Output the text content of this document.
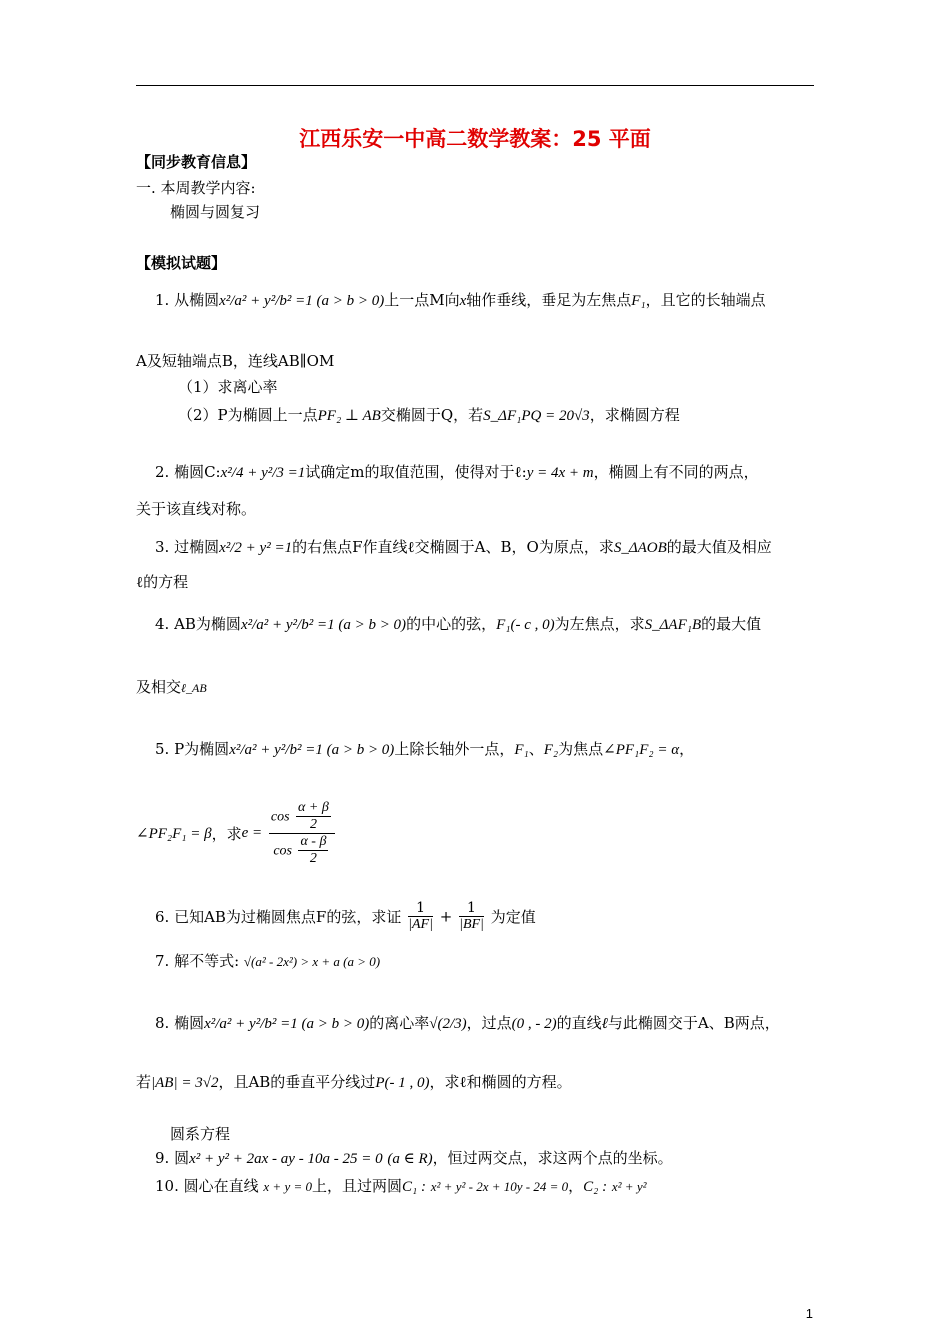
江西乐安一中高二数学教案：25 平面
【同步教育信息】
一. 本周教学内容:
椭圆与圆复习
【模拟试题】
1. 从椭圆x²/a² + y²/b² =1 (a > b > 0)上一点M向x轴作垂线，垂足为左焦点F₁，且它的长轴端点
A及短轴端点B，连线AB∥OM
（1）求离心率
（2）P为椭圆上一点PF₂ ⊥ AB交椭圆于Q，若S_ΔF₁PQ = 20√3，求椭圆方程
2. 椭圆C:x²/4 + y²/3 =1试确定m的取值范围，使得对于ℓ:y = 4x + m，椭圆上有不同的两点，
关于该直线对称。
3. 过椭圆x²/2 + y² =1的右焦点F作直线ℓ交椭圆于A、B，O为原点，求S_ΔAOB的最大值及相应
ℓ的方程
4. AB为椭圆x²/a² + y²/b² =1 (a > b > 0)的中心的弦，F₁(- c , 0)为左焦点，求S_ΔAF₁B的最大值
及相交ℓ_AB
5. P为椭圆x²/a² + y²/b² =1 (a > b > 0)上除长轴外一点，F₁、F₂为焦点∠PF₁F₂ = α，
∠PF₂F₁ = β，求$e = \frac{\cos \frac{\alpha + \beta}{2}}{\cos \frac{\alpha - \beta}{2}}$
6. 已知AB为过椭圆焦点F的弦，求证 $\frac{1}{|AF|} + \frac{1}{|BF|}$ 为定值
7. 解不等式: √(a² - 2x²) > x + a (a > 0)
8. 椭圆x²/a² + y²/b² =1 (a > b > 0)的离心率√(2/3)，过点(0 , - 2)的直线ℓ与此椭圆交于A、B两点，
若|AB| = 3√2，且AB的垂直平分线过P(- 1 , 0)，求ℓ和椭圆的方程。
圆系方程
9. 圆x² + y² + 2ax - ay - 10a - 25 = 0 (a ∈ R)，恒过两交点，求这两个点的坐标。
10. 圆心在直线 x + y = 0上，且过两圆C₁ : x² + y² - 2x + 10y - 24 = 0，C₂ : x² + y²
1
